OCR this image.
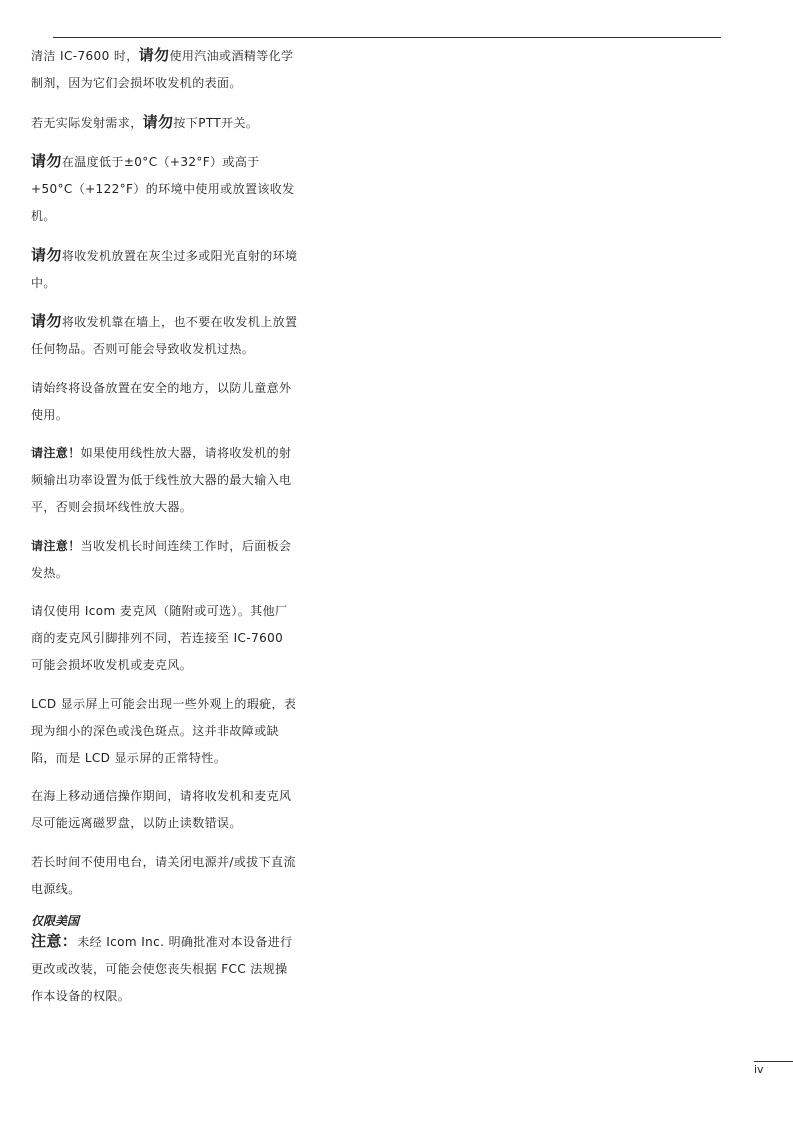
清洁 IC-7600 时，请勿使用汽油或酒精等化学制剂，因为它们会损坏收发机的表面。

若无实际发射需求，请勿按下PTT开关。

请勿在温度低于±0°C（+32°F）或高于+50°C（+122°F）的环境中使用或放置该收发机。

请勿将收发机放置在灰尘过多或阳光直射的环境中。

请勿将收发机靠在墙上，也不要在收发机上放置任何物品。否则可能会导致收发机过热。

请始终将设备放置在安全的地方，以防儿童意外使用。

请注意！如果使用线性放大器，请将收发机的射频输出功率设置为低于线性放大器的最大输入电平，否则会损坏线性放大器。

请注意！当收发机长时间连续工作时，后面板会发热。

请仅使用 Icom 麦克风（随附或可选）。其他厂商的麦克风引脚排列不同，若连接至 IC-7600 可能会损坏收发机或麦克风。

LCD 显示屏上可能会出现一些外观上的瑕疵，表现为细小的深色或浅色斑点。这并非故障或缺陷，而是 LCD 显示屏的正常特性。

在海上移动通信操作期间，请将收发机和麦克风尽可能远离磁罗盘，以防止读数错误。

若长时间不使用电台，请关闭电源并/或拔下直流电源线。

仅限美国

注意：未经 Icom Inc. 明确批准对本设备进行更改或改装，可能会使您丧失根据 FCC 法规操作本设备的权限。

iv
